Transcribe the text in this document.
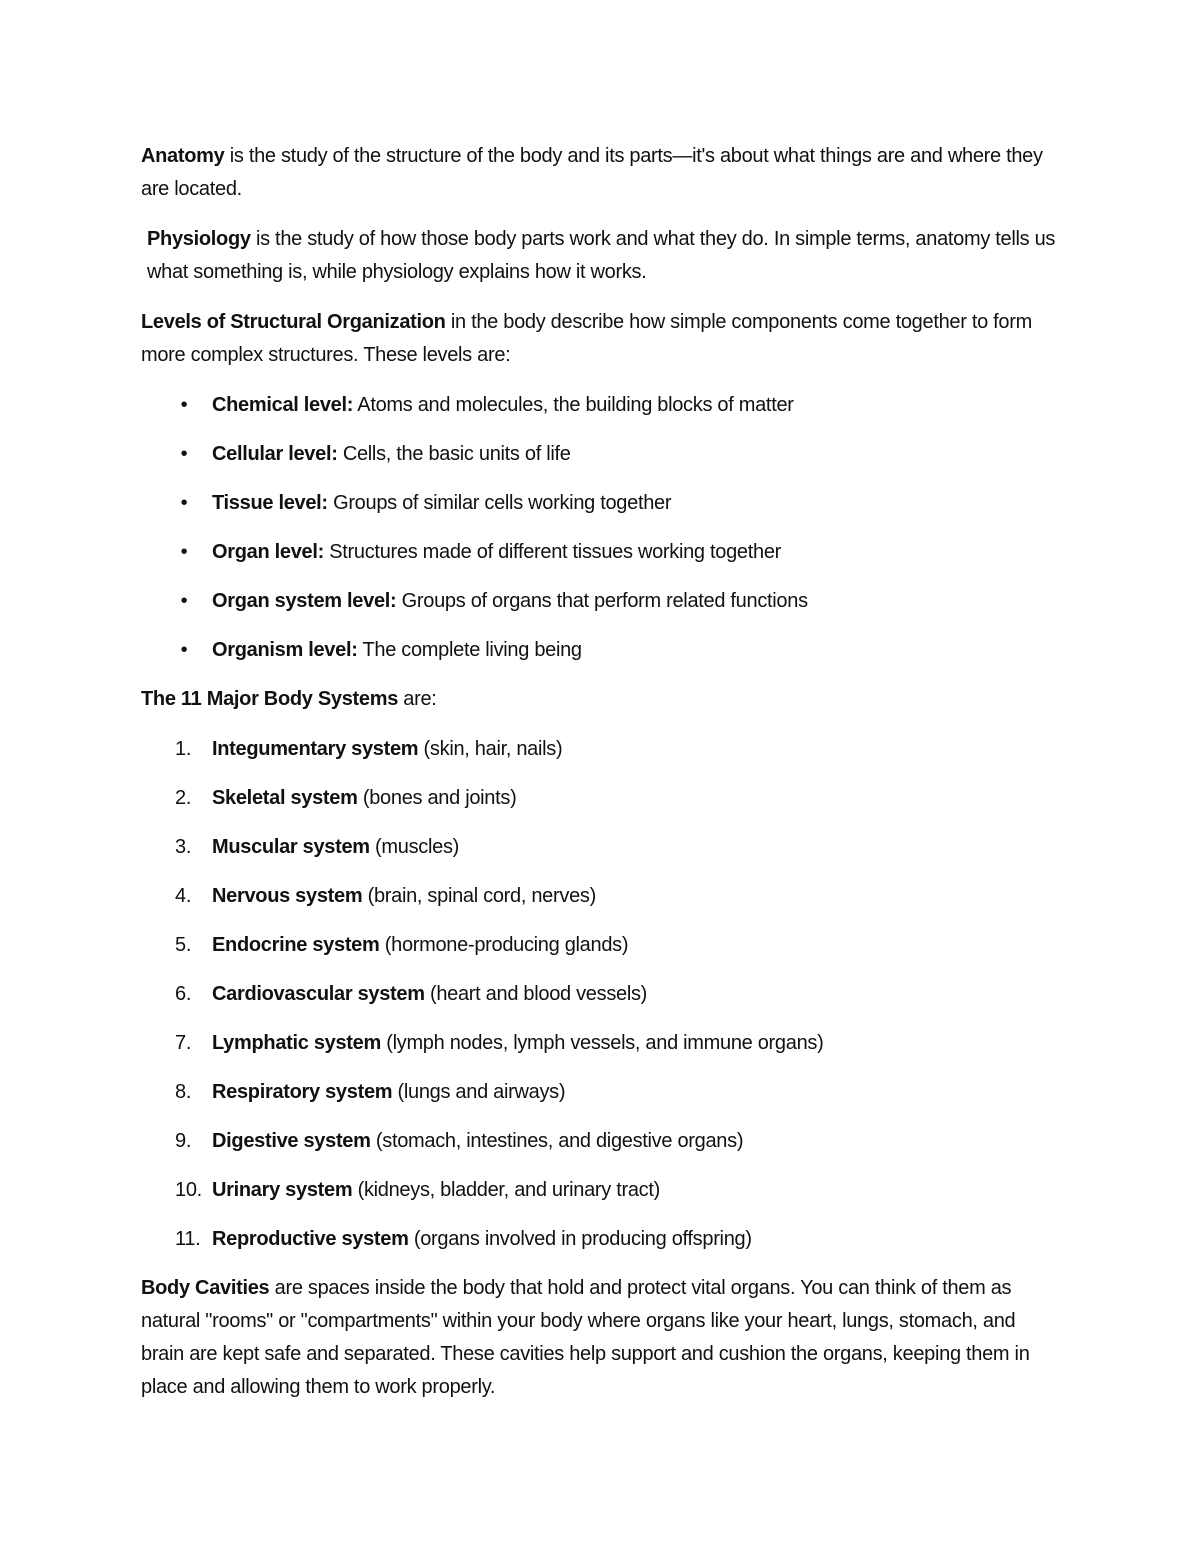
Anatomy is the study of the structure of the body and its parts—it's about what things are and where they are located.

Physiology is the study of how those body parts work and what they do. In simple terms, anatomy tells us what something is, while physiology explains how it works.

Levels of Structural Organization in the body describe how simple components come together to form more complex structures. These levels are:

•	Chemical level: Atoms and molecules, the building blocks of matter
•	Cellular level: Cells, the basic units of life
•	Tissue level: Groups of similar cells working together
•	Organ level: Structures made of different tissues working together
•	Organ system level: Groups of organs that perform related functions
•	Organism level: The complete living being

The 11 Major Body Systems are:

1. Integumentary system (skin, hair, nails)
2. Skeletal system (bones and joints)
3. Muscular system (muscles)
4. Nervous system (brain, spinal cord, nerves)
5. Endocrine system (hormone-producing glands)
6. Cardiovascular system (heart and blood vessels)
7. Lymphatic system (lymph nodes, lymph vessels, and immune organs)
8. Respiratory system (lungs and airways)
9. Digestive system (stomach, intestines, and digestive organs)
10. Urinary system (kidneys, bladder, and urinary tract)
11. Reproductive system (organs involved in producing offspring)

Body Cavities are spaces inside the body that hold and protect vital organs. You can think of them as natural "rooms" or "compartments" within your body where organs like your heart, lungs, stomach, and brain are kept safe and separated. These cavities help support and cushion the organs, keeping them in place and allowing them to work properly.
